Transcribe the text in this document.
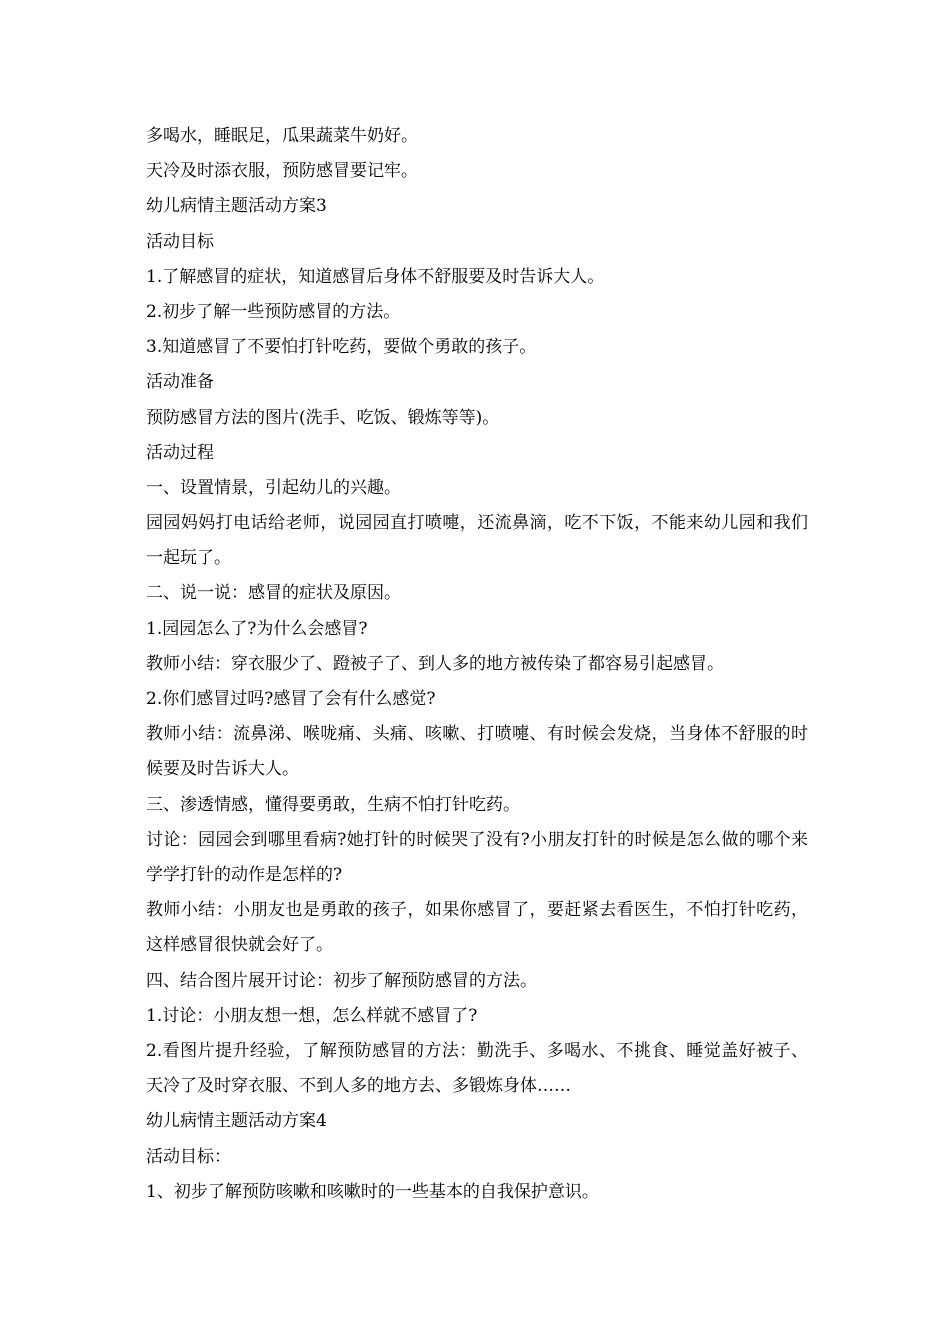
多喝水，睡眠足，瓜果蔬菜牛奶好。
天冷及时添衣服，预防感冒要记牢。
幼儿病情主题活动方案3
活动目标
1.了解感冒的症状，知道感冒后身体不舒服要及时告诉大人。
2.初步了解一些预防感冒的方法。
3.知道感冒了不要怕打针吃药，要做个勇敢的孩子。
活动准备
预防感冒方法的图片(洗手、吃饭、锻炼等等)。
活动过程
一、设置情景，引起幼儿的兴趣。
园园妈妈打电话给老师，说园园直打喷嚏，还流鼻滴，吃不下饭，不能来幼儿园和我们一起玩了。
二、说一说：感冒的症状及原因。
1.园园怎么了?为什么会感冒?
教师小结：穿衣服少了、蹬被子了、到人多的地方被传染了都容易引起感冒。
2.你们感冒过吗?感冒了会有什么感觉?
教师小结：流鼻涕、喉咙痛、头痛、咳嗽、打喷嚏、有时候会发烧，当身体不舒服的时候要及时告诉大人。
三、渗透情感，懂得要勇敢，生病不怕打针吃药。
讨论：园园会到哪里看病?她打针的时候哭了没有?小朋友打针的时候是怎么做的哪个来学学打针的动作是怎样的?
教师小结：小朋友也是勇敢的孩子，如果你感冒了，要赶紧去看医生，不怕打针吃药，这样感冒很快就会好了。
四、结合图片展开讨论：初步了解预防感冒的方法。
1.讨论：小朋友想一想，怎么样就不感冒了?
2.看图片提升经验，了解预防感冒的方法：勤洗手、多喝水、不挑食、睡觉盖好被子、天冷了及时穿衣服、不到人多的地方去、多锻炼身体……
幼儿病情主题活动方案4
活动目标：
1、初步了解预防咳嗽和咳嗽时的一些基本的自我保护意识。
